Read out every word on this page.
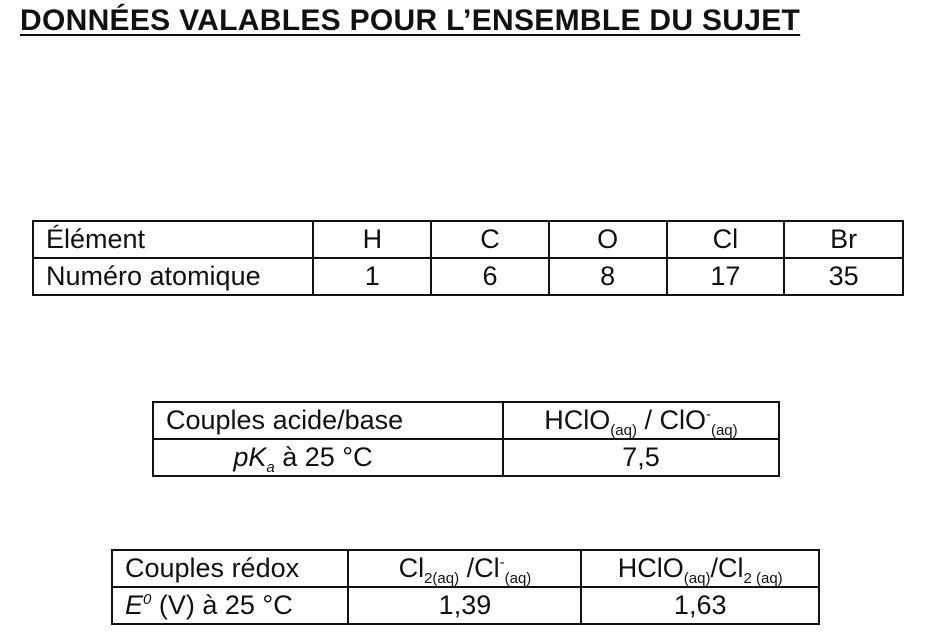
DONNÉES VALABLES POUR L’ENSEMBLE DU SUJET
Élément	H	C	O	Cl	Br
Numéro atomique	1	6	8	17	35
Couples acide/base	HClO$_{(aq)}$ / ClO-$_{(aq)}$
$pK_a$ à 25 °C	7,5
Couples rédox	$Cl_{2(aq)}$ $/Cl^-_{(aq)}$	$HClO_{(aq)}/Cl_{2 (aq)}$
$E^0$ (V) à 25 °C	1,39	1,63
